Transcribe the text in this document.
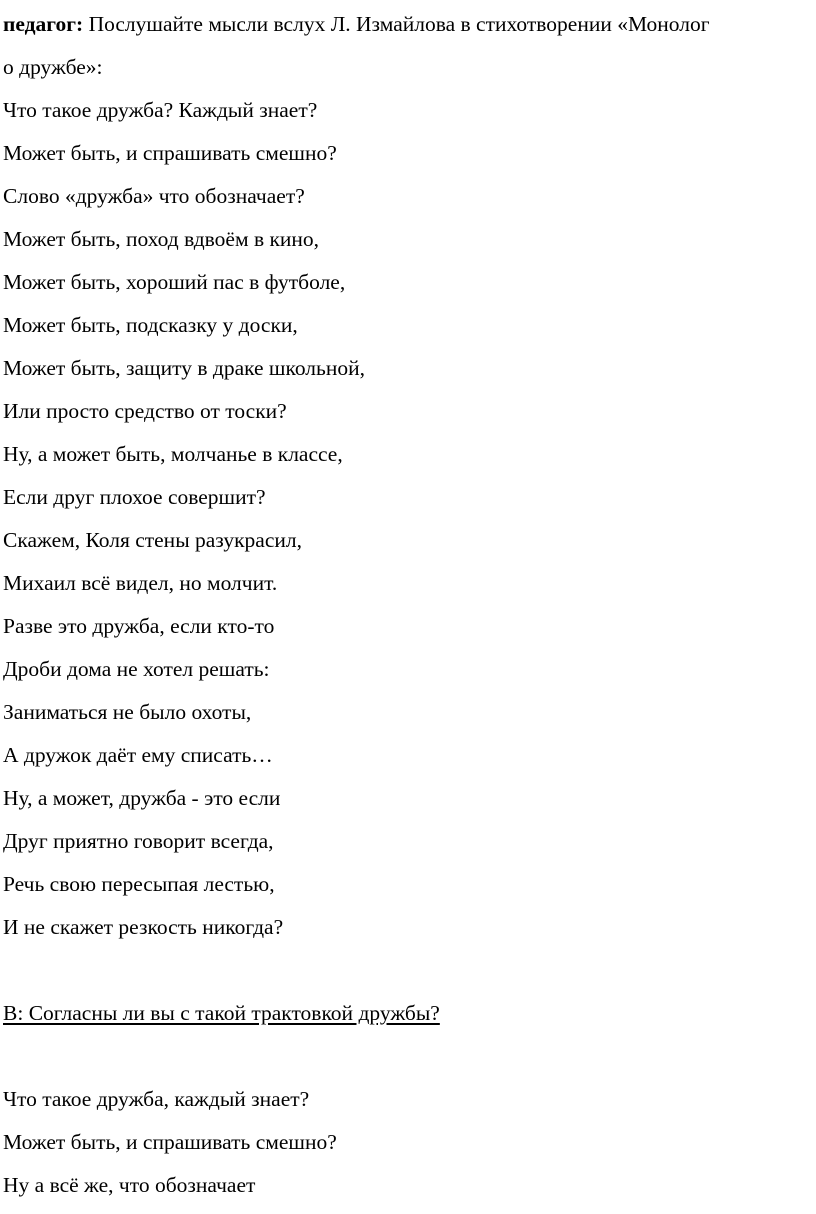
педагог: Послушайте мысли вслух Л. Измайлова в стихотворении «Монолог
о дружбе»:
Что такое дружба? Каждый знает?
Может быть, и спрашивать смешно?
Слово «дружба» что обозначает?
Может быть, поход вдвоём в кино,
Может быть, хороший пас в футболе,
Может быть, подсказку у доски,
Может быть, защиту в драке школьной,
Или просто средство от тоски?
Ну, а может быть, молчанье в классе,
Если друг плохое совершит?
Скажем, Коля стены разукрасил,
Михаил всё видел, но молчит.
Разве это дружба, если кто-то
Дроби дома не хотел решать:
Заниматься не было охоты,
А дружок даёт ему списать…
Ну, а может, дружба - это если
Друг приятно говорит всегда,
Речь свою пересыпая лестью,
И не скажет резкость никогда?
В: Согласны ли вы с такой трактовкой дружбы?
Что такое дружба, каждый знает?
Может быть, и спрашивать смешно?
Ну а всё же, что обозначает
